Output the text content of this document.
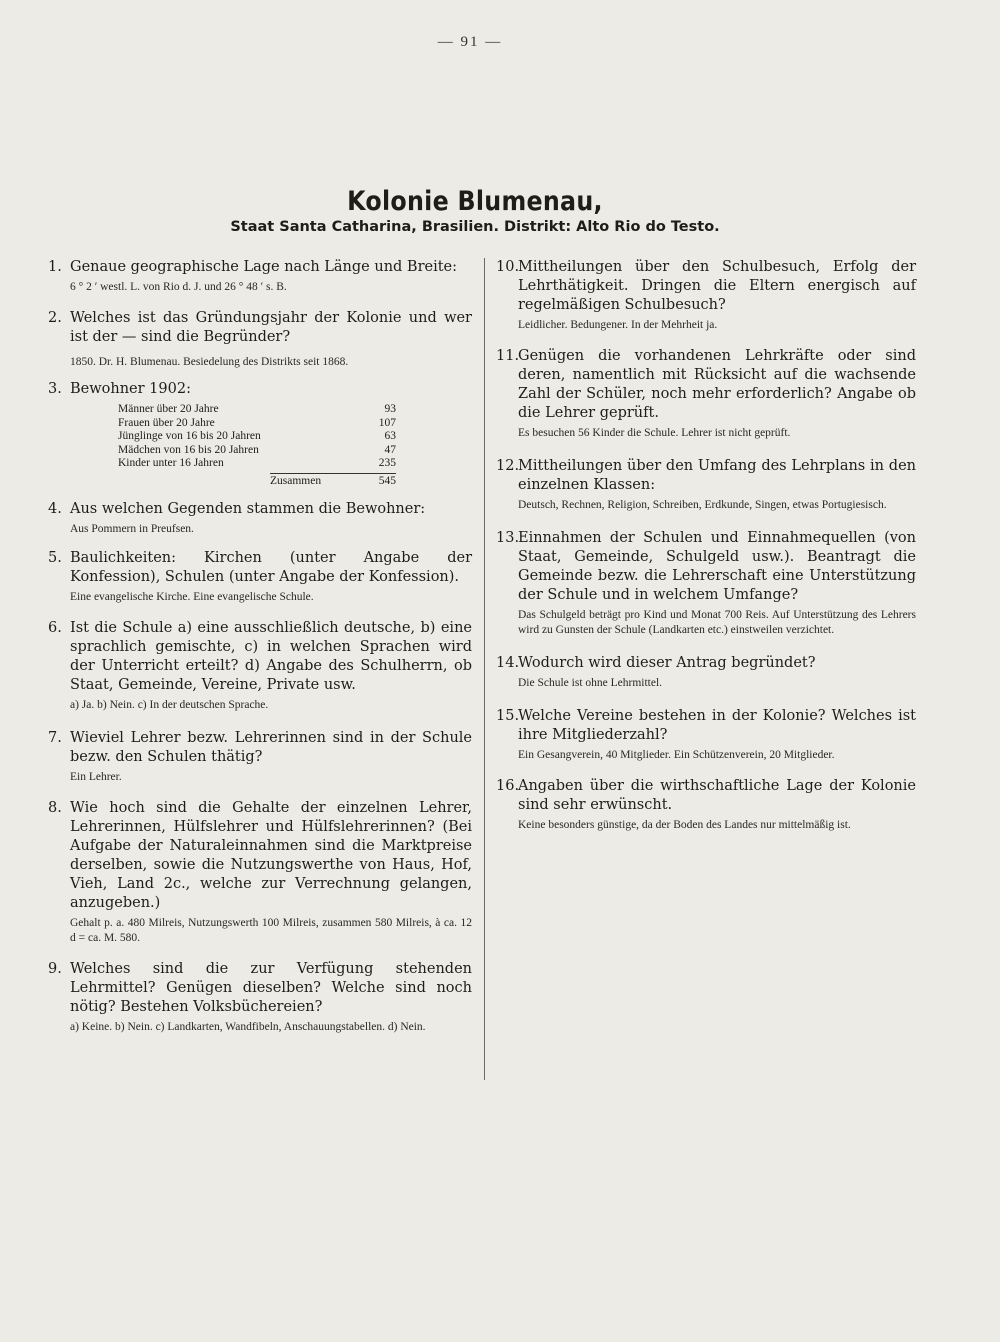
— 91 —
Kolonie Blumenau,
Staat Santa Catharina, Brasilien. Distrikt: Alto Rio do Testo.

1. Genaue geographische Lage nach Länge und Breite:

6 ° 2 ′ westl. L. von Rio d. J. und 26 ° 48 ′ s. B.

2. Welches ist das Gründungsjahr der Kolonie und wer ist der — sind die Begründer?

1850. Dr. H. Blumenau. Besiedelung des Distrikts seit 1868.

3. Bewohner 1902:

Männer über 20 Jahre	93
Frauen über 20 Jahre	107
Jünglinge von 16 bis 20 Jahren	63
Mädchen von 16 bis 20 Jahren	47
Kinder unter 16 Jahren	235
Zusammen	545

4. Aus welchen Gegenden stammen die Bewohner:

Aus Pommern in Preufsen.

5. Baulichkeiten: Kirchen (unter Angabe der Konfession), Schulen (unter Angabe der Konfession).

Eine evangelische Kirche. Eine evangelische Schule.

6. Ist die Schule a) eine ausschließlich deutsche, b) eine sprachlich gemischte, c) in welchen Sprachen wird der Unterricht erteilt? d) Angabe des Schulherrn, ob Staat, Gemeinde, Vereine, Private usw.

a) Ja. b) Nein. c) In der deutschen Sprache.

7. Wieviel Lehrer bezw. Lehrerinnen sind in der Schule bezw. den Schulen thätig?

Ein Lehrer.

8. Wie hoch sind die Gehalte der einzelnen Lehrer, Lehrerinnen, Hülfslehrer und Hülfslehrerinnen? (Bei Aufgabe der Naturaleinnahmen sind die Marktpreise derselben, sowie die Nutzungswerthe von Haus, Hof, Vieh, Land 2c., welche zur Verrechnung gelangen, anzugeben.)

Gehalt p. a. 480 Milreis, Nutzungswerth 100 Milreis, zusammen 580 Milreis, à ca. 12 d = ca. M. 580.

9. Welches sind die zur Verfügung stehenden Lehrmittel? Genügen dieselben? Welche sind noch nötig? Bestehen Volksbüchereien?

a) Keine. b) Nein. c) Landkarten, Wandfibeln, Anschauungstabellen. d) Nein.

10.Mittheilungen über den Schulbesuch, Erfolg der Lehrthätigkeit. Dringen die Eltern energisch auf regelmäßigen Schulbesuch?

Leidlicher. Bedungener. In der Mehrheit ja.

11.Genügen die vorhandenen Lehrkräfte oder sind deren, namentlich mit Rücksicht auf die wachsende Zahl der Schüler, noch mehr erforderlich? Angabe ob die Lehrer geprüft.

Es besuchen 56 Kinder die Schule. Lehrer ist nicht geprüft.

12.Mittheilungen über den Umfang des Lehrplans in den einzelnen Klassen:

Deutsch, Rechnen, Religion, Schreiben, Erdkunde, Singen, etwas Portugiesisch.

13.Einnahmen der Schulen und Einnahmequellen (von Staat, Gemeinde, Schulgeld usw.). Beantragt die Gemeinde bezw. die Lehrerschaft eine Unterstützung der Schule und in welchem Umfange?

Das Schulgeld beträgt pro Kind und Monat 700 Reis. Auf Unterstützung des Lehrers wird zu Gunsten der Schule (Landkarten etc.) einstweilen verzichtet.

14.Wodurch wird dieser Antrag begründet?

Die Schule ist ohne Lehrmittel.

15.Welche Vereine bestehen in der Kolonie? Welches ist ihre Mitgliederzahl?

Ein Gesangverein, 40 Mitglieder. Ein Schützenverein, 20 Mitglieder.

16.Angaben über die wirthschaftliche Lage der Kolonie sind sehr erwünscht.

Keine besonders günstige, da der Boden des Landes nur mittelmäßig ist.
